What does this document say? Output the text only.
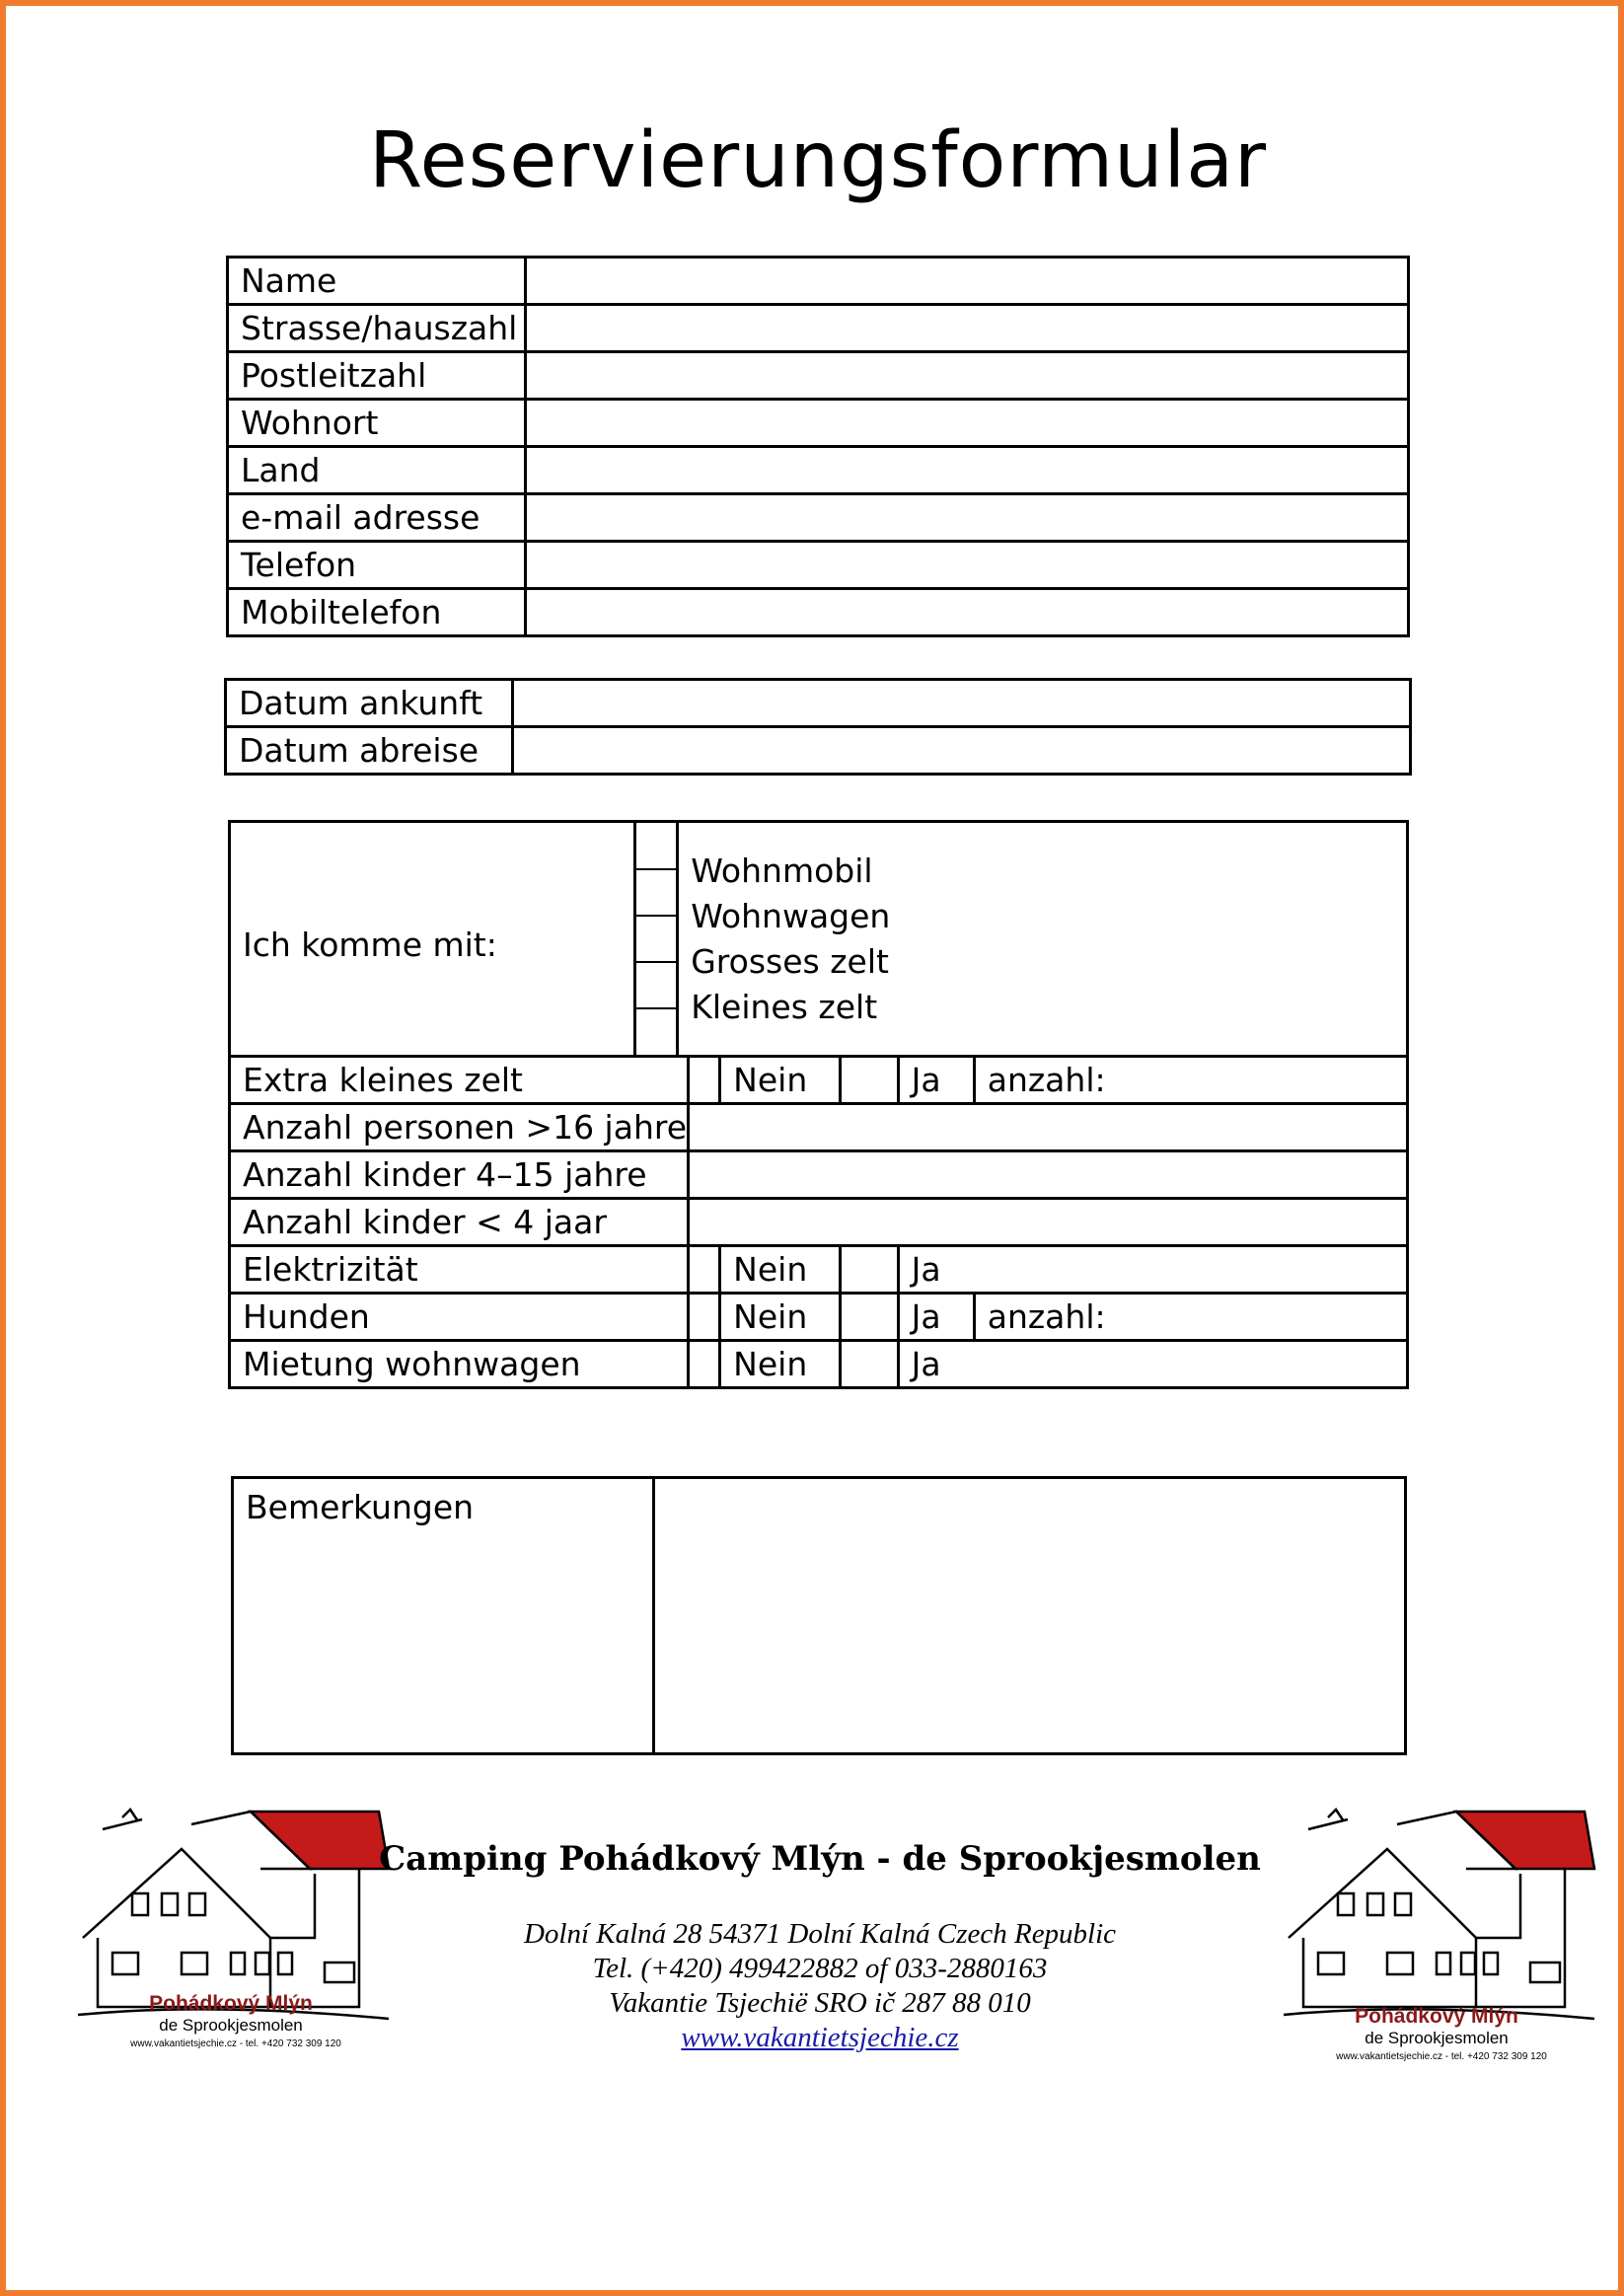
Reservierungsformular
Name	
Strasse/hauszahl	
Postleitzahl	
Wohnort	
Land	
e-mail adresse	
Telefon	
Mobiltelefon	
Datum ankunft	
Datum abreise	
Ich komme mit:	

Wohnmobil
Wohnwagen
Grosses zelt
Kleines zelt
Extra kleines zelt		Nein		Ja	anzahl:
Anzahl personen >16 jahre					
Anzahl kinder 4–15 jahre					
Anzahl kinder < 4 jaar					
Elektrizität		Nein		Ja	
Hunden		Nein		Ja	anzahl:
Mietung wohnwagen		Nein		Ja	
Bemerkungen	
Pohádkový Mlýn
de Sprookjesmolen
www.vakantietsjechie.cz - tel. +420 732 309 120
Camping Pohádkový Mlýn - de Sprookjesmolen
Dolní Kalná 28 54371 Dolní Kalná Czech Republic
Tel. (+420) 499422882 of 033-2880163
Vakantie Tsjechië SRO ič 287 88 010
www.vakantietsjechie.cz
Pohádkový Mlýn
de Sprookjesmolen
www.vakantietsjechie.cz - tel. +420 732 309 120
